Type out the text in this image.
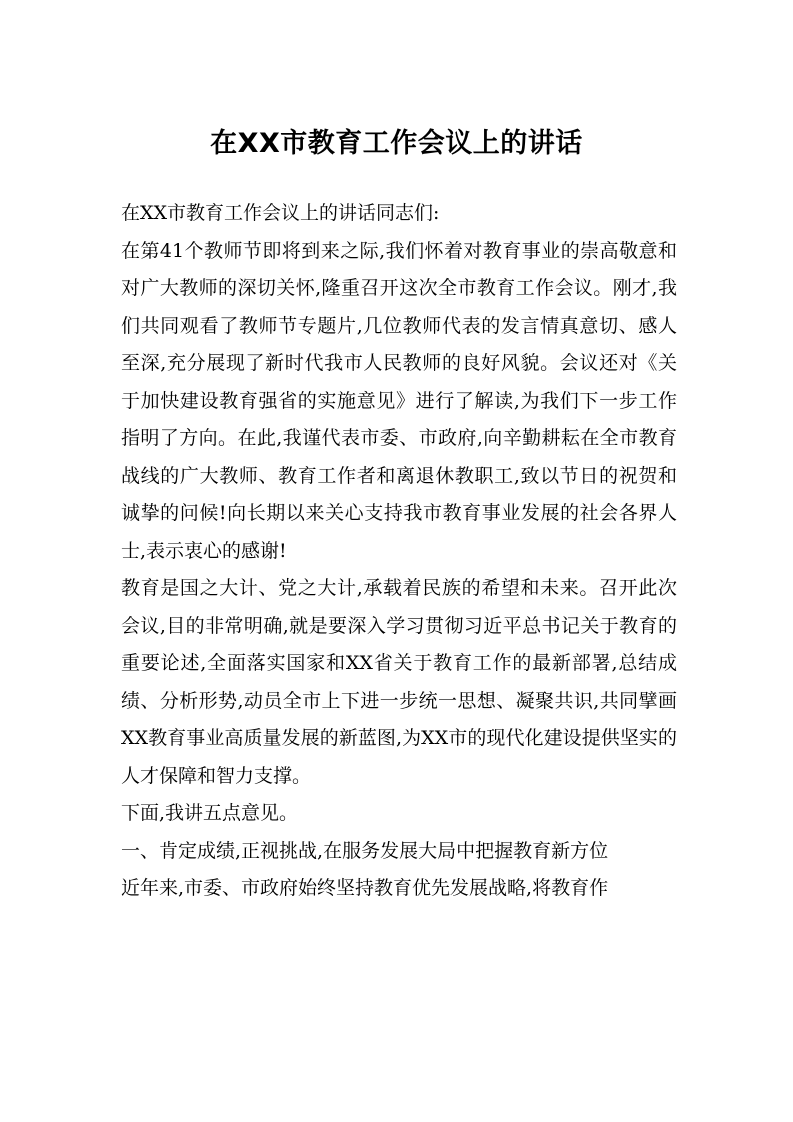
在XX市教育工作会议上的讲话

在XX市教育工作会议上的讲话同志们:

在第41个教师节即将到来之际,我们怀着对教育事业的崇高敬意和对广大教师的深切关怀,隆重召开这次全市教育工作会议。刚才,我们共同观看了教师节专题片,几位教师代表的发言情真意切、感人至深,充分展现了新时代我市人民教师的良好风貌。会议还对《关于加快建设教育强省的实施意见》进行了解读,为我们下一步工作指明了方向。在此,我谨代表市委、市政府,向辛勤耕耘在全市教育战线的广大教师、教育工作者和离退休教职工,致以节日的祝贺和诚挚的问候!向长期以来关心支持我市教育事业发展的社会各界人士,表示衷心的感谢!

教育是国之大计、党之大计,承载着民族的希望和未来。召开此次会议,目的非常明确,就是要深入学习贯彻习近平总书记关于教育的重要论述,全面落实国家和XX省关于教育工作的最新部署,总结成绩、分析形势,动员全市上下进一步统一思想、凝聚共识,共同擘画XX教育事业高质量发展的新蓝图,为XX市的现代化建设提供坚实的人才保障和智力支撑。

下面,我讲五点意见。

一、肯定成绩,正视挑战,在服务发展大局中把握教育新方位

近年来,市委、市政府始终坚持教育优先发展战略,将教育作
